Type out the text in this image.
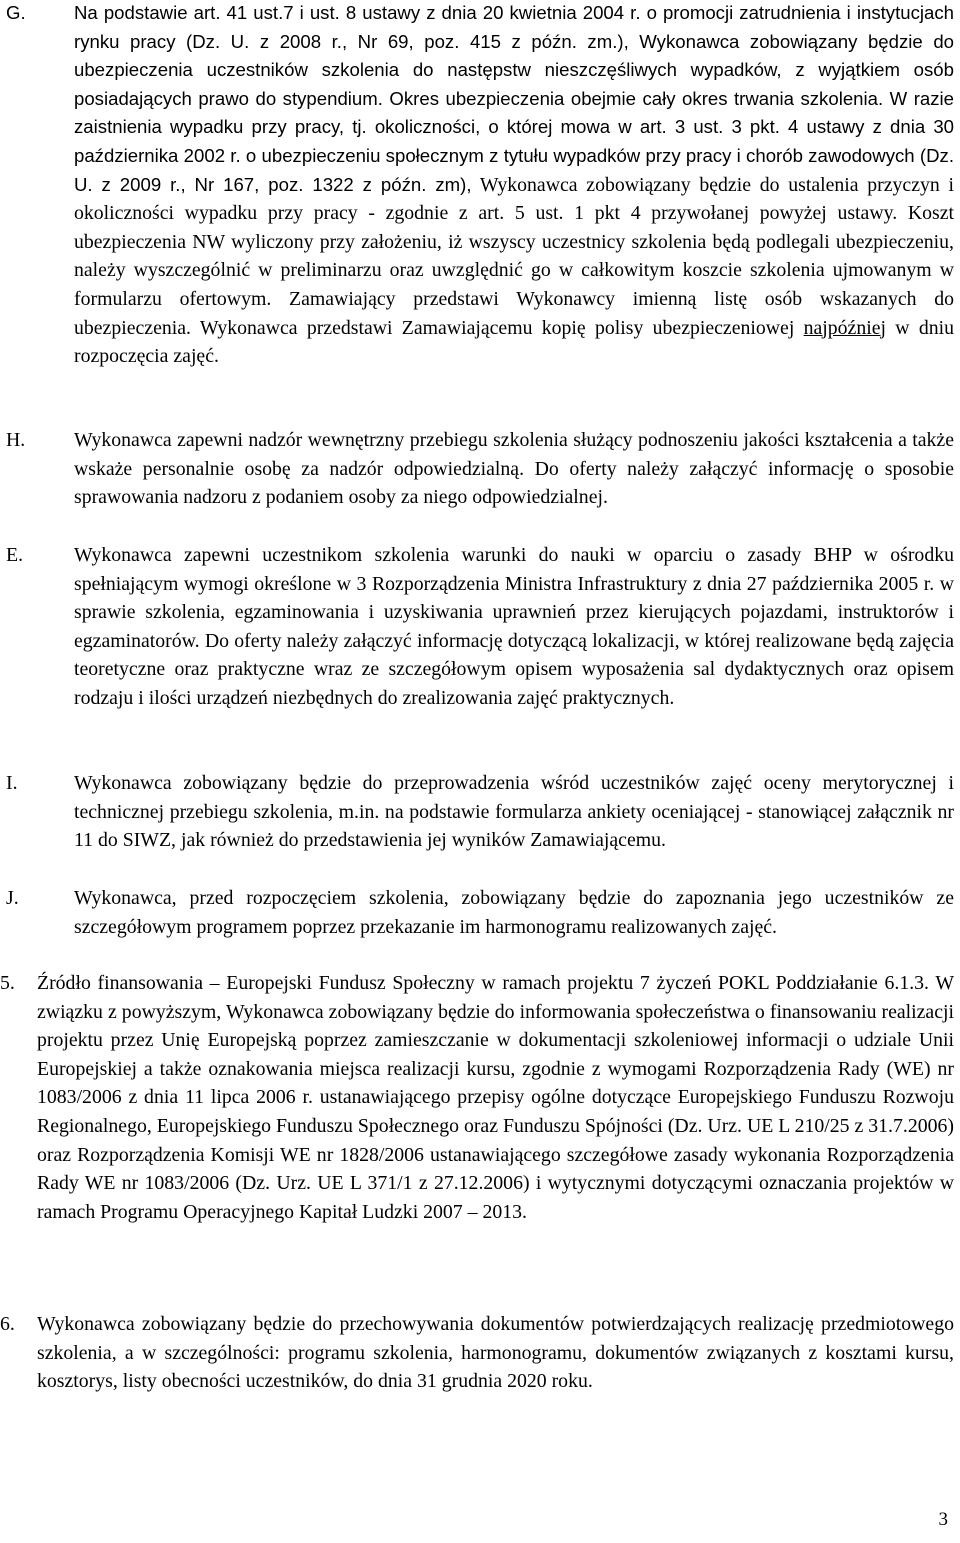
G.	Na podstawie art. 41 ust.7 i ust. 8 ustawy z dnia 20 kwietnia 2004 r. o promocji zatrudnienia i instytucjach rynku pracy (Dz. U. z 2008 r., Nr 69, poz. 415 z późn. zm.), Wykonawca zobowiązany będzie do ubezpieczenia uczestników szkolenia do następstw nieszczęśliwych wypadków, z wyjątkiem osób posiadających prawo do stypendium. Okres ubezpieczenia obejmie cały okres trwania szkolenia. W razie zaistnienia wypadku przy pracy, tj. okoliczności, o której mowa w art. 3 ust. 3 pkt. 4 ustawy z dnia 30 października 2002 r. o ubezpieczeniu społecznym z tytułu wypadków przy pracy i chorób zawodowych (Dz. U. z 2009 r., Nr 167, poz. 1322 z późn. zm), Wykonawca zobowiązany będzie do ustalenia przyczyn i okoliczności wypadku przy pracy - zgodnie z art. 5 ust. 1 pkt 4 przywołanej powyżej ustawy. Koszt ubezpieczenia NW wyliczony przy założeniu, iż wszyscy uczestnicy szkolenia będą podlegali ubezpieczeniu, należy wyszczególnić w preliminarzu oraz uwzględnić go w całkowitym koszcie szkolenia ujmowanym w formularzu ofertowym. Zamawiający przedstawi Wykonawcy imienną listę osób wskazanych do ubezpieczenia. Wykonawca przedstawi Zamawiającemu kopię polisy ubezpieczeniowej najpóźniej w dniu rozpoczęcia zajęć.
H. Wykonawca zapewni nadzór wewnętrzny przebiegu szkolenia służący podnoszeniu jakości kształcenia a także wskaże personalnie osobę za nadzór odpowiedzialną. Do oferty należy załączyć informację o sposobie sprawowania nadzoru z podaniem osoby za niego odpowiedzialnej.
E.	Wykonawca zapewni uczestnikom szkolenia warunki do nauki w oparciu o zasady BHP w ośrodku spełniającym wymogi określone w 3 Rozporządzenia Ministra Infrastruktury z dnia 27 października 2005 r. w sprawie szkolenia, egzaminowania i uzyskiwania uprawnień przez kierujących pojazdami, instruktorów i egzaminatorów. Do oferty należy załączyć informację dotyczącą lokalizacji, w której realizowane będą zajęcia teoretyczne oraz praktyczne wraz ze szczegółowym opisem wyposażenia sal dydaktycznych oraz opisem rodzaju i ilości urządzeń niezbędnych do zrealizowania zajęć praktycznych.
I.	Wykonawca zobowiązany będzie do przeprowadzenia wśród uczestników zajęć oceny merytorycznej i technicznej przebiegu szkolenia, m.in. na podstawie formularza ankiety oceniającej - stanowiącej załącznik nr 11 do SIWZ, jak również do przedstawienia jej wyników Zamawiającemu.
J.	Wykonawca, przed rozpoczęciem szkolenia, zobowiązany będzie do zapoznania jego uczestników ze szczegółowym programem poprzez przekazanie im harmonogramu realizowanych zajęć.
5. Źródło finansowania – Europejski Fundusz Społeczny w ramach projektu 7 życzeń POKL Poddziałanie 6.1.3. W związku z powyższym, Wykonawca zobowiązany będzie do informowania społeczeństwa o finansowaniu realizacji projektu przez Unię Europejską poprzez zamieszczanie w dokumentacji szkoleniowej informacji o udziale Unii Europejskiej a także oznakowania miejsca realizacji kursu, zgodnie z wymogami Rozporządzenia Rady (WE) nr 1083/2006 z dnia 11 lipca 2006 r. ustanawiającego przepisy ogólne dotyczące Europejskiego Funduszu Rozwoju Regionalnego, Europejskiego Funduszu Społecznego oraz Funduszu Spójności (Dz. Urz. UE L 210/25 z 31.7.2006) oraz Rozporządzenia Komisji WE nr 1828/2006 ustanawiającego szczegółowe zasady wykonania Rozporządzenia Rady WE nr 1083/2006 (Dz. Urz. UE L 371/1 z 27.12.2006) i wytycznymi dotyczącymi oznaczania projektów w ramach Programu Operacyjnego Kapitał Ludzki 2007 – 2013.
6. Wykonawca zobowiązany będzie do przechowywania dokumentów potwierdzających realizację przedmiotowego szkolenia, a w szczególności: programu szkolenia, harmonogramu, dokumentów związanych z kosztami kursu, kosztorys, listy obecności uczestników, do dnia 31 grudnia 2020 roku.
3
